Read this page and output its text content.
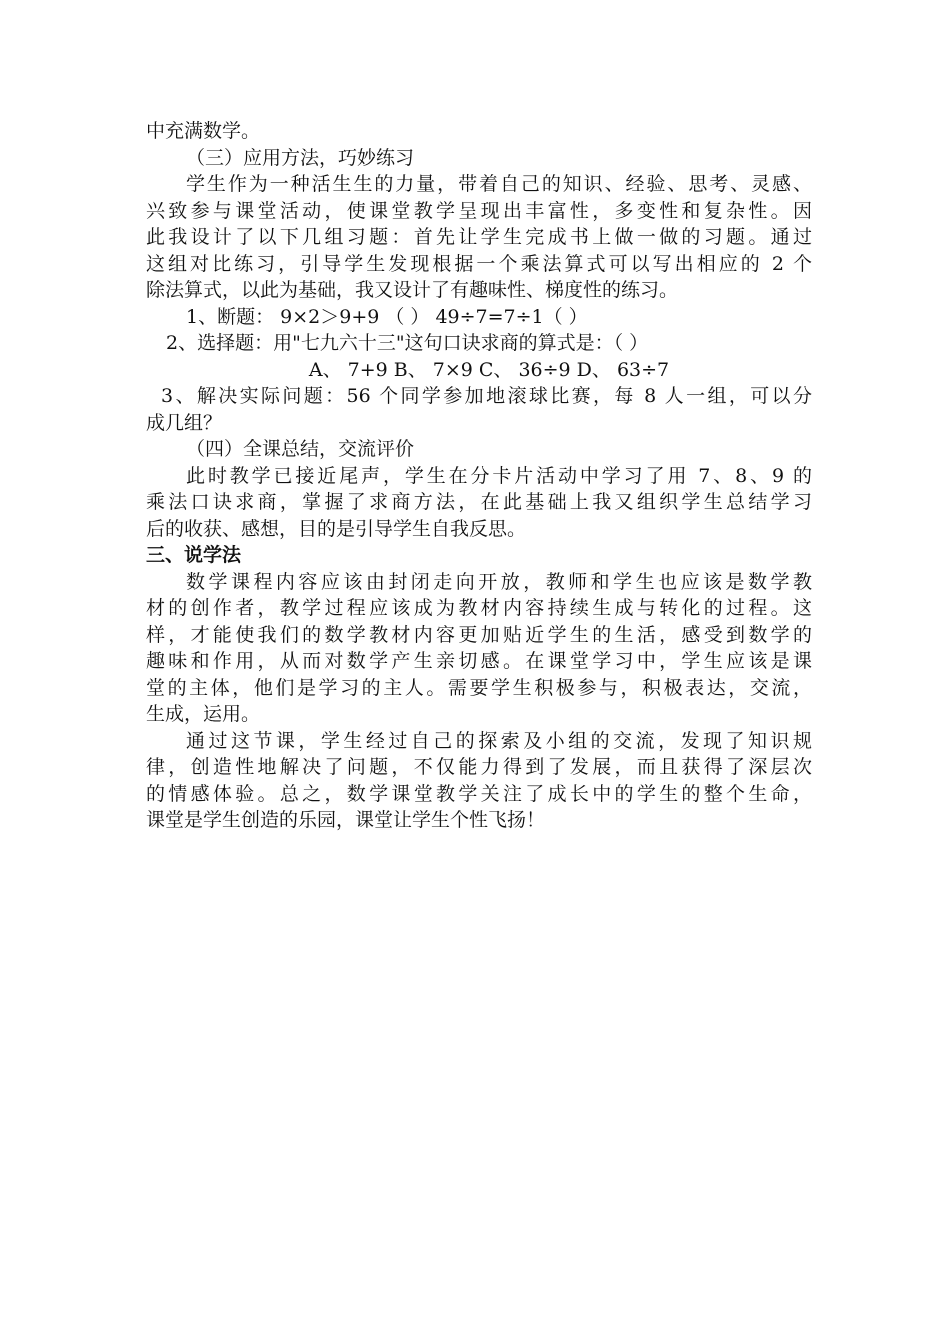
中充满数学。
（三）应用方法，巧妙练习
学生作为一种活生生的力量，带着自己的知识、经验、思考、灵感、
兴致参与课堂活动，使课堂教学呈现出丰富性，多变性和复杂性。因
此我设计了以下几组习题：首先让学生完成书上做一做的习题。通过
这组对比练习，引导学生发现根据一个乘法算式可以写出相应的 2 个
除法算式，以此为基础，我又设计了有趣味性、梯度性的练习。
1、断题： 9×2＞9+9 （ ） 49÷7=7÷1（ ）
2、选择题：用"七九六十三"这句口诀求商的算式是：（ ）
A、 7+9 B、 7×9 C、 36÷9 D、 63÷7
3、解决实际问题：56 个同学参加地滚球比赛，每 8 人一组，可以分
成几组？
（四）全课总结，交流评价
此时教学已接近尾声，学生在分卡片活动中学习了用 7、8、9 的
乘法口诀求商，掌握了求商方法，在此基础上我又组织学生总结学习
后的收获、感想，目的是引导学生自我反思。
三、说学法
数学课程内容应该由封闭走向开放，教师和学生也应该是数学教
材的创作者，教学过程应该成为教材内容持续生成与转化的过程。这
样，才能使我们的数学教材内容更加贴近学生的生活，感受到数学的
趣味和作用，从而对数学产生亲切感。在课堂学习中，学生应该是课
堂的主体，他们是学习的主人。需要学生积极参与，积极表达，交流，
生成，运用。
通过这节课，学生经过自己的探索及小组的交流，发现了知识规
律，创造性地解决了问题，不仅能力得到了发展，而且获得了深层次
的情感体验。总之，数学课堂教学关注了成长中的学生的整个生命，
课堂是学生创造的乐园，课堂让学生个性飞扬！
